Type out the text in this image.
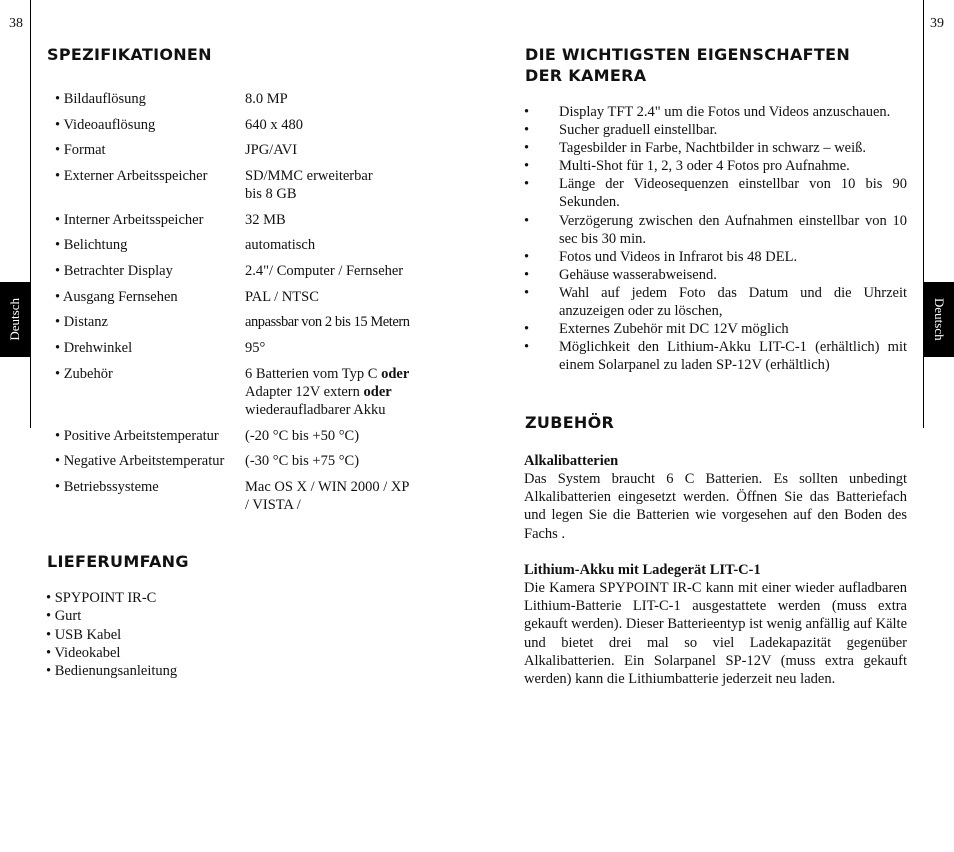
38	39
Deutsch	Deutsch
SPEZIFIKATIONEN
• Bildauflösung	8.0 MP
• Videoauflösung	640 x 480
• Format	JPG/AVI
• Externer Arbeitsspeicher	SD/MMC erweiterbar
bis 8 GB
• Interner Arbeitsspeicher	32 MB
• Belichtung	automatisch
• Betrachter Display	2.4"/ Computer / Fernseher
• Ausgang Fernsehen	PAL / NTSC
• Distanz	anpassbar von 2 bis 15 Metern
• Drehwinkel	95°
• Zubehör	6 Batterien vom Typ C oder
Adapter 12V extern oder
wiederaufladbarer Akku
• Positive Arbeitstemperatur (-20 °C bis +50 °C)
• Negative Arbeitstemperatur (-30 °C bis +75 °C)
• Betriebssysteme	Mac OS X / WIN 2000 / XP
/ VISTA /
LIEFERUMFANG
• SPYPOINT IR-C
• Gurt
• USB Kabel
• Videokabel
• Bedienungsanleitung
DIE WICHTIGSTEN EIGENSCHAFTEN
DER KAMERA
• Display TFT 2.4" um die Fotos und Videos anzuschauen.
• Sucher graduell einstellbar.
• Tagesbilder in Farbe, Nachtbilder in schwarz – weiß.
• Multi-Shot für 1, 2, 3 oder 4 Fotos pro Aufnahme.
• Länge der Videosequenzen einstellbar von 10 bis 90 Sekunden.
• Verzögerung zwischen den Aufnahmen einstellbar von 10 sec bis 30 min.
• Fotos und Videos in Infrarot bis 48 DEL.
• Gehäuse wasserabweisend.
• Wahl auf jedem Foto das Datum und die Uhrzeit anzuzeigen oder zu löschen,
• Externes Zubehör mit DC 12V möglich
• Möglichkeit den Lithium-Akku LIT-C-1 (erhältlich) mit einem Solarpanel zu laden SP-12V (erhältlich)
ZUBEHÖR

Alkalibatterien

Das System braucht 6 C Batterien. Es sollten unbedingt Alkalibatterien eingesetzt werden. Öffnen Sie das Batteriefach und legen Sie die Batterien wie vorgesehen auf den Boden des Fachs .

Lithium-Akku mit Ladegerät LIT-C-1

Die Kamera SPYPOINT IR-C kann mit einer wieder aufladbaren Lithium-Batterie LIT-C-1 ausgestattete werden (muss extra gekauft werden). Dieser Batterieentyp ist wenig anfällig auf Kälte und bietet drei mal so viel Ladekapazität gegenüber Alkalibatterien. Ein Solarpanel SP-12V (muss extra gekauft werden) kann die Lithiumbatterie jederzeit neu laden.
